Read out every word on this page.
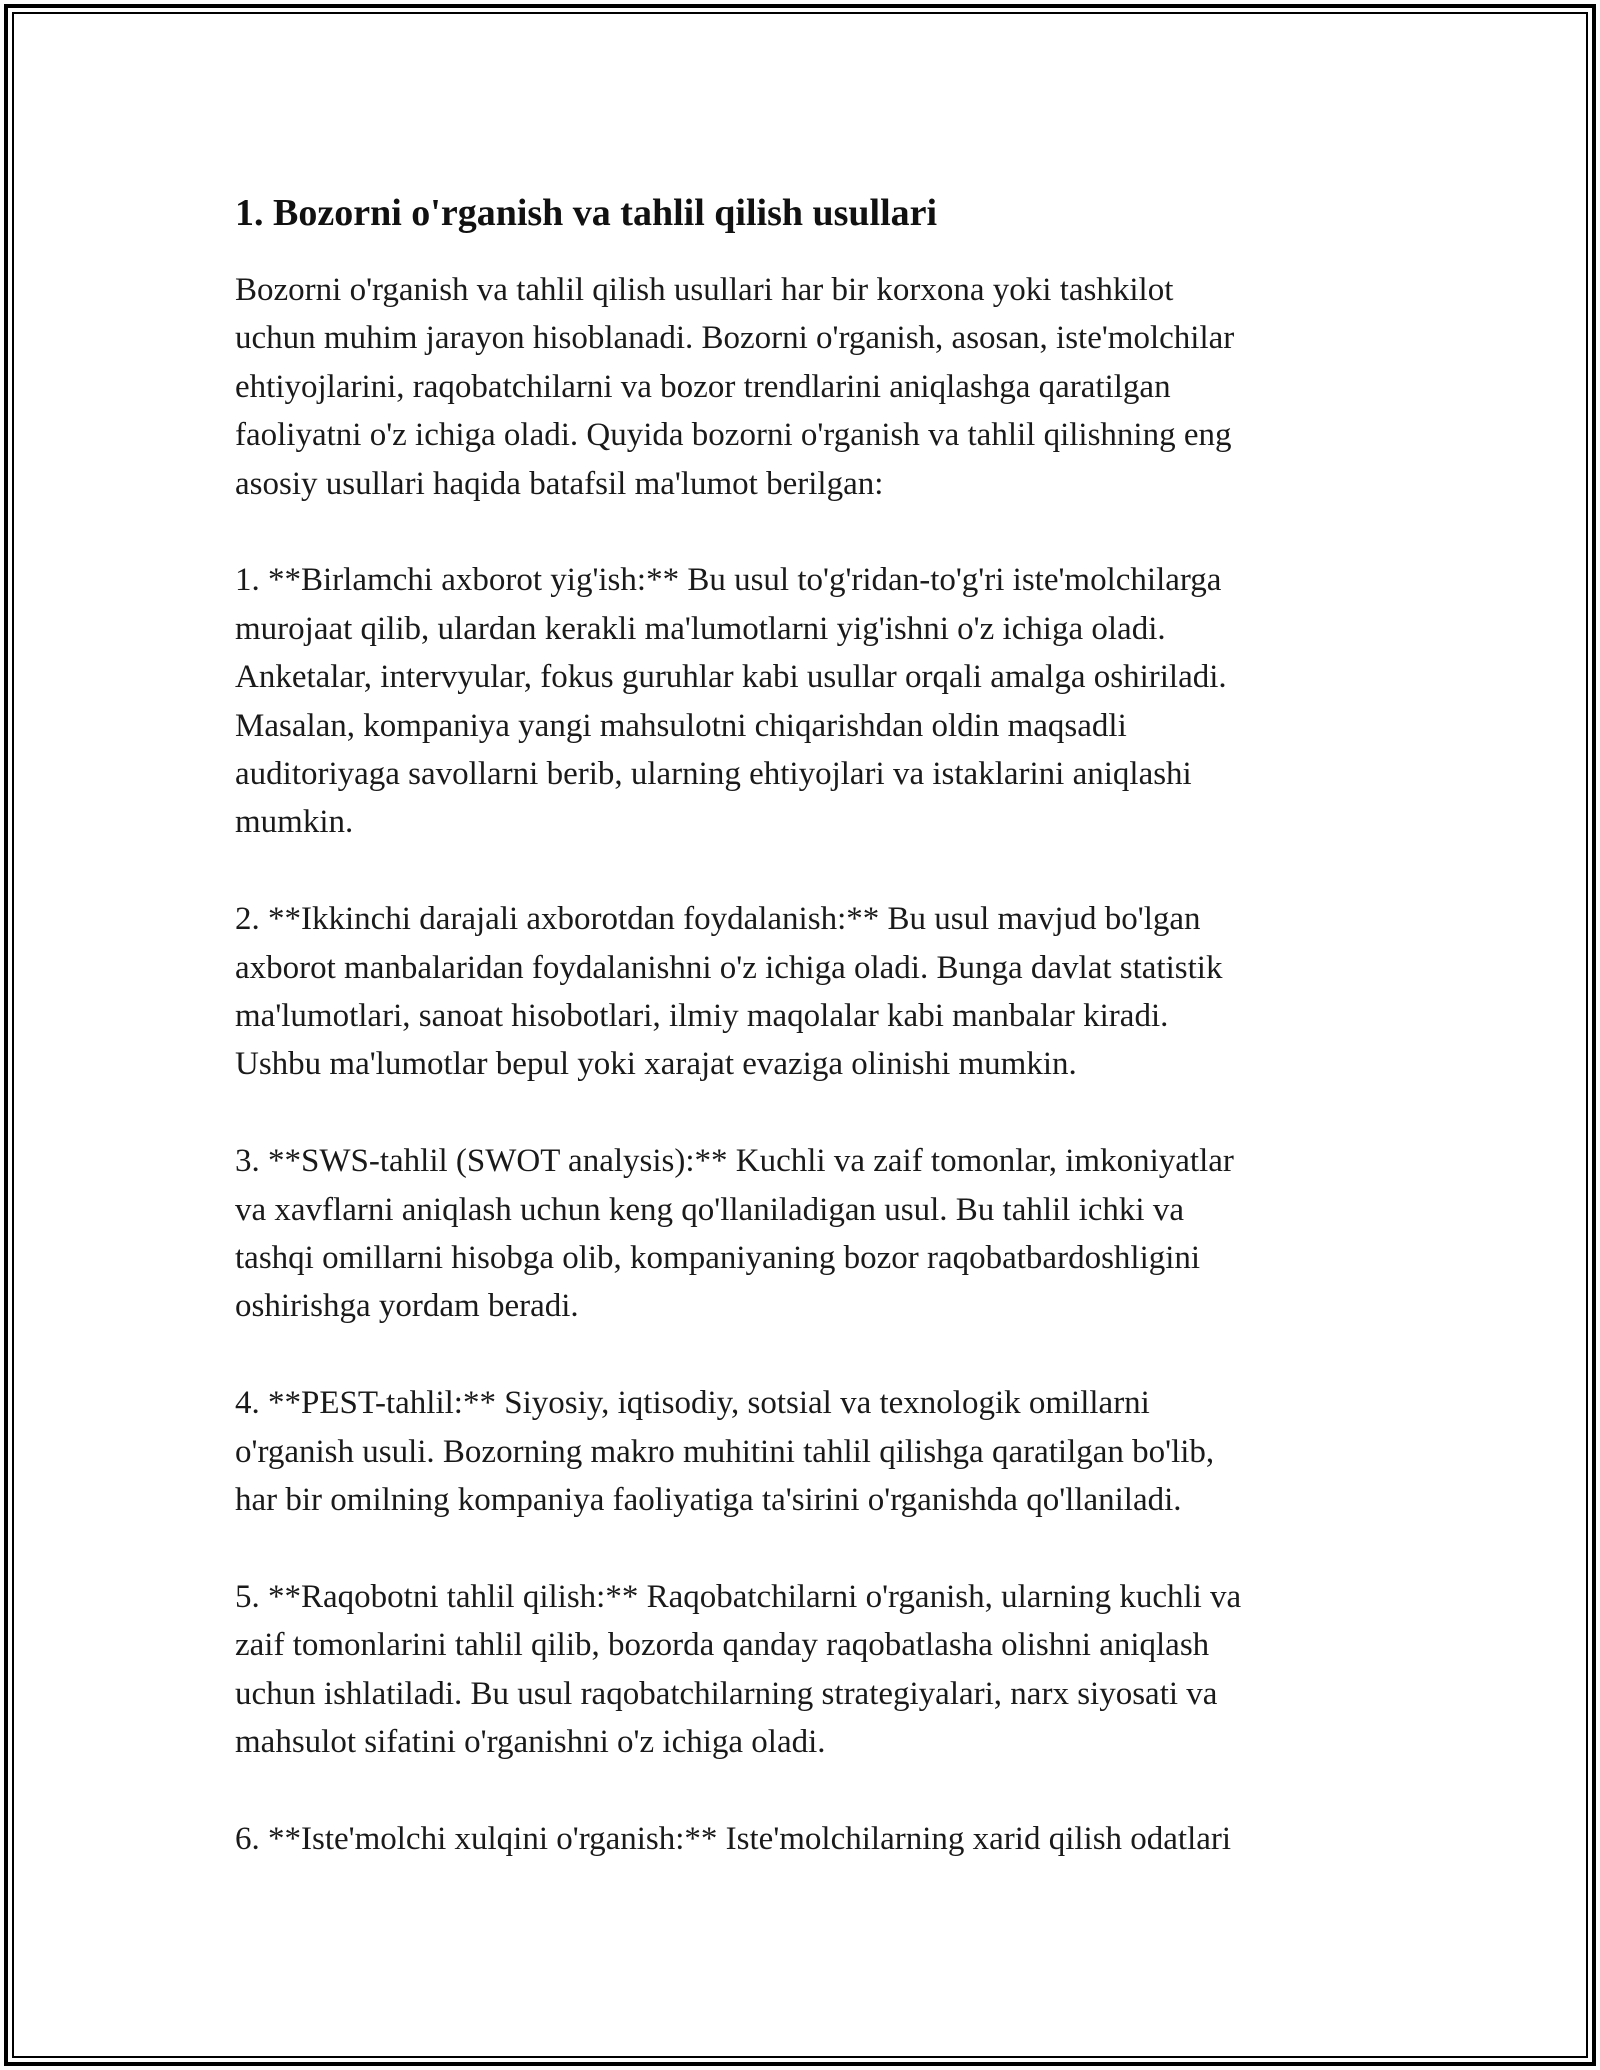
1. Bozorni o'rganish va tahlil qilish usullari

Bozorni o'rganish va tahlil qilish usullari har bir korxona yoki tashkilot
uchun muhim jarayon hisoblanadi. Bozorni o'rganish, asosan, iste'molchilar
ehtiyojlarini, raqobatchilarni va bozor trendlarini aniqlashga qaratilgan
faoliyatni o'z ichiga oladi. Quyida bozorni o'rganish va tahlil qilishning eng
asosiy usullari haqida batafsil ma'lumot berilgan:

1. **Birlamchi axborot yig'ish:** Bu usul to'g'ridan-to'g'ri iste'molchilarga
murojaat qilib, ulardan kerakli ma'lumotlarni yig'ishni o'z ichiga oladi.
Anketalar, intervyular, fokus guruhlar kabi usullar orqali amalga oshiriladi.
Masalan, kompaniya yangi mahsulotni chiqarishdan oldin maqsadli
auditoriyaga savollarni berib, ularning ehtiyojlari va istaklarini aniqlashi
mumkin.

2. **Ikkinchi darajali axborotdan foydalanish:** Bu usul mavjud bo'lgan
axborot manbalaridan foydalanishni o'z ichiga oladi. Bunga davlat statistik
ma'lumotlari, sanoat hisobotlari, ilmiy maqolalar kabi manbalar kiradi.
Ushbu ma'lumotlar bepul yoki xarajat evaziga olinishi mumkin.

3. **SWS-tahlil (SWOT analysis):** Kuchli va zaif tomonlar, imkoniyatlar
va xavflarni aniqlash uchun keng qo'llaniladigan usul. Bu tahlil ichki va
tashqi omillarni hisobga olib, kompaniyaning bozor raqobatbardoshligini
oshirishga yordam beradi.

4. **PEST-tahlil:** Siyosiy, iqtisodiy, sotsial va texnologik omillarni
o'rganish usuli. Bozorning makro muhitini tahlil qilishga qaratilgan bo'lib,
har bir omilning kompaniya faoliyatiga ta'sirini o'rganishda qo'llaniladi.

5. **Raqobotni tahlil qilish:** Raqobatchilarni o'rganish, ularning kuchli va
zaif tomonlarini tahlil qilib, bozorda qanday raqobatlasha olishni aniqlash
uchun ishlatiladi. Bu usul raqobatchilarning strategiyalari, narx siyosati va
mahsulot sifatini o'rganishni o'z ichiga oladi.

6. **Iste'molchi xulqini o'rganish:** Iste'molchilarning xarid qilish odatlari
